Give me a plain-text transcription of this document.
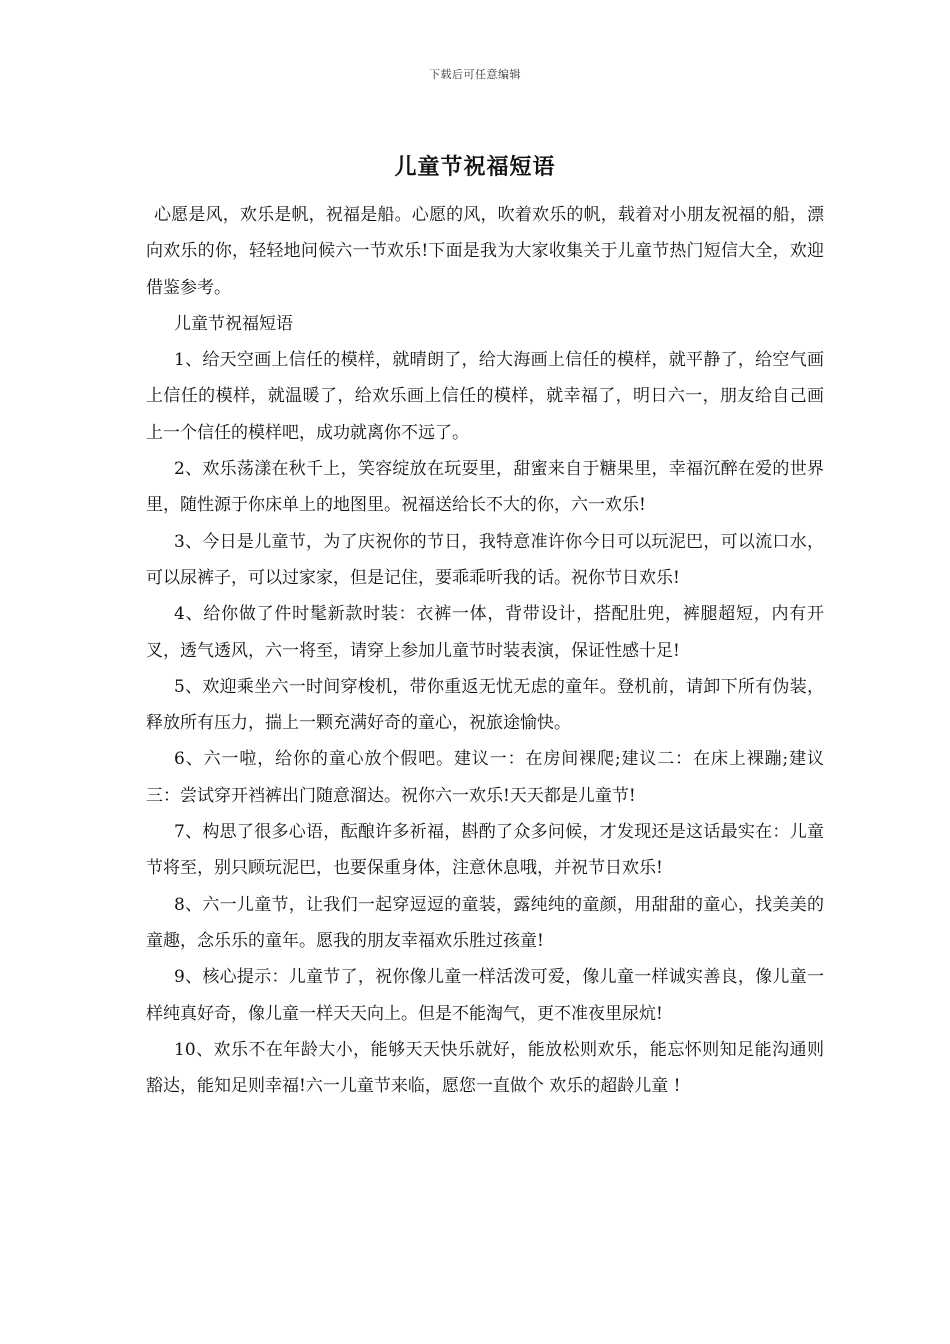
下载后可任意编辑
儿童节祝福短语

心愿是风，欢乐是帆，祝福是船。心愿的风，吹着欢乐的帆，载着对小朋友祝福的船，漂向欢乐的你，轻轻地问候六一节欢乐!下面是我为大家收集关于儿童节热门短信大全，欢迎借鉴参考。

儿童节祝福短语

1、给天空画上信任的模样，就晴朗了，给大海画上信任的模样，就平静了，给空气画上信任的模样，就温暖了，给欢乐画上信任的模样，就幸福了，明日六一，朋友给自己画上一个信任的模样吧，成功就离你不远了。

2、欢乐荡漾在秋千上，笑容绽放在玩耍里，甜蜜来自于糖果里，幸福沉醉在爱的世界里，随性源于你床单上的地图里。祝福送给长不大的你，六一欢乐!

3、今日是儿童节，为了庆祝你的节日，我特意准许你今日可以玩泥巴，可以流口水，可以尿裤子，可以过家家，但是记住，要乖乖听我的话。祝你节日欢乐!

4、给你做了件时髦新款时装：衣裤一体，背带设计，搭配肚兜，裤腿超短，内有开叉，透气透风，六一将至，请穿上参加儿童节时装表演，保证性感十足!

5、欢迎乘坐六一时间穿梭机，带你重返无忧无虑的童年。登机前，请卸下所有伪装，释放所有压力，揣上一颗充满好奇的童心，祝旅途愉快。

6、六一啦，给你的童心放个假吧。建议一：在房间裸爬;建议二：在床上裸蹦;建议三：尝试穿开裆裤出门随意溜达。祝你六一欢乐!天天都是儿童节!

7、构思了很多心语，酝酿许多祈福，斟酌了众多问候，才发现还是这话最实在：儿童节将至，别只顾玩泥巴，也要保重身体，注意休息哦，并祝节日欢乐!

8、六一儿童节，让我们一起穿逗逗的童装，露纯纯的童颜，用甜甜的童心，找美美的童趣，念乐乐的童年。愿我的朋友幸福欢乐胜过孩童!

9、核心提示：儿童节了，祝你像儿童一样活泼可爱，像儿童一样诚实善良，像儿童一样纯真好奇，像儿童一样天天向上。但是不能淘气，更不准夜里尿炕!

10、欢乐不在年龄大小，能够天天快乐就好，能放松则欢乐，能忘怀则知足能沟通则豁达，能知足则幸福!六一儿童节来临，愿您一直做个 欢乐的超龄儿童 !
